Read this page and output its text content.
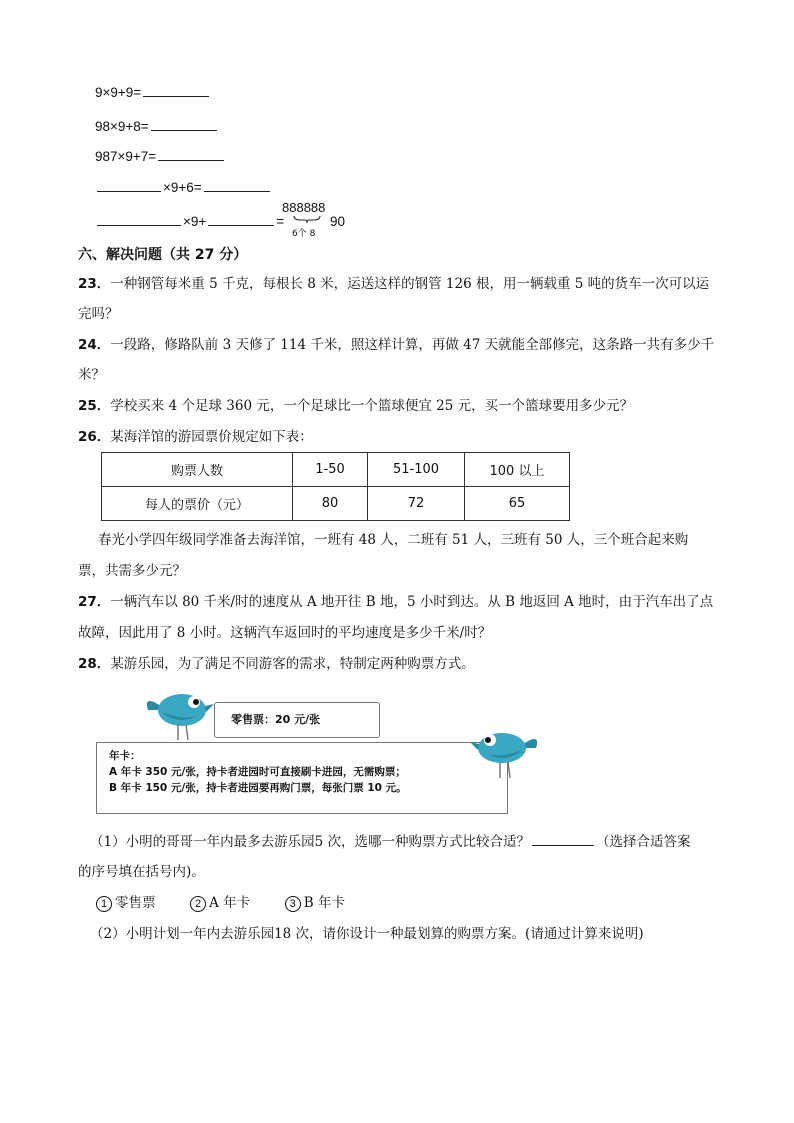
9×9+9=
98×9+8=
987×9+7=
×9+6=
×9+	=
888888
6个 8
90
六、解决问题（共 27 分）
23．一种钢管每米重 5 千克，每根长 8 米，运送这样的钢管 126 根，用一辆载重 5 吨的货车一次可以运
完吗？
24．一段路，修路队前 3 天修了 114 千米，照这样计算，再做 47 天就能全部修完，这条路一共有多少千
米？
25．学校买来 4 个足球 360 元，一个足球比一个篮球便宜 25 元，买一个篮球要用多少元？
26．某海洋馆的游园票价规定如下表：
购票人数	1-50	51-100	100 以上
每人的票价（元）	80	72	65
春光小学四年级同学准备去海洋馆，一班有 48 人，二班有 51 人，三班有 50 人，三个班合起来购
票，共需多少元？
27．一辆汽车以 80 千米/时的速度从 A 地开往 B 地，5 小时到达。从 B 地返回 A 地时，由于汽车出了点
故障，因此用了 8 小时。这辆汽车返回时的平均速度是多少千米/时？
28．某游乐园，为了满足不同游客的需求，特制定两种购票方式。
零售票：20 元/张
年卡：
A 年卡 350 元/张，持卡者进园时可直接刷卡进园，无需购票；
B 年卡 150 元/张，持卡者进园要再购门票，每张门票 10 元。
（1）小明的哥哥一年内最多去游乐园5 次，选哪一种购票方式比较合适？	（选择合适答案
的序号填在括号内)。
1 零售票	2 A 年卡	3 B 年卡
（2）小明计划一年内去游乐园18 次，请你设计一种最划算的购票方案。(请通过计算来说明)
